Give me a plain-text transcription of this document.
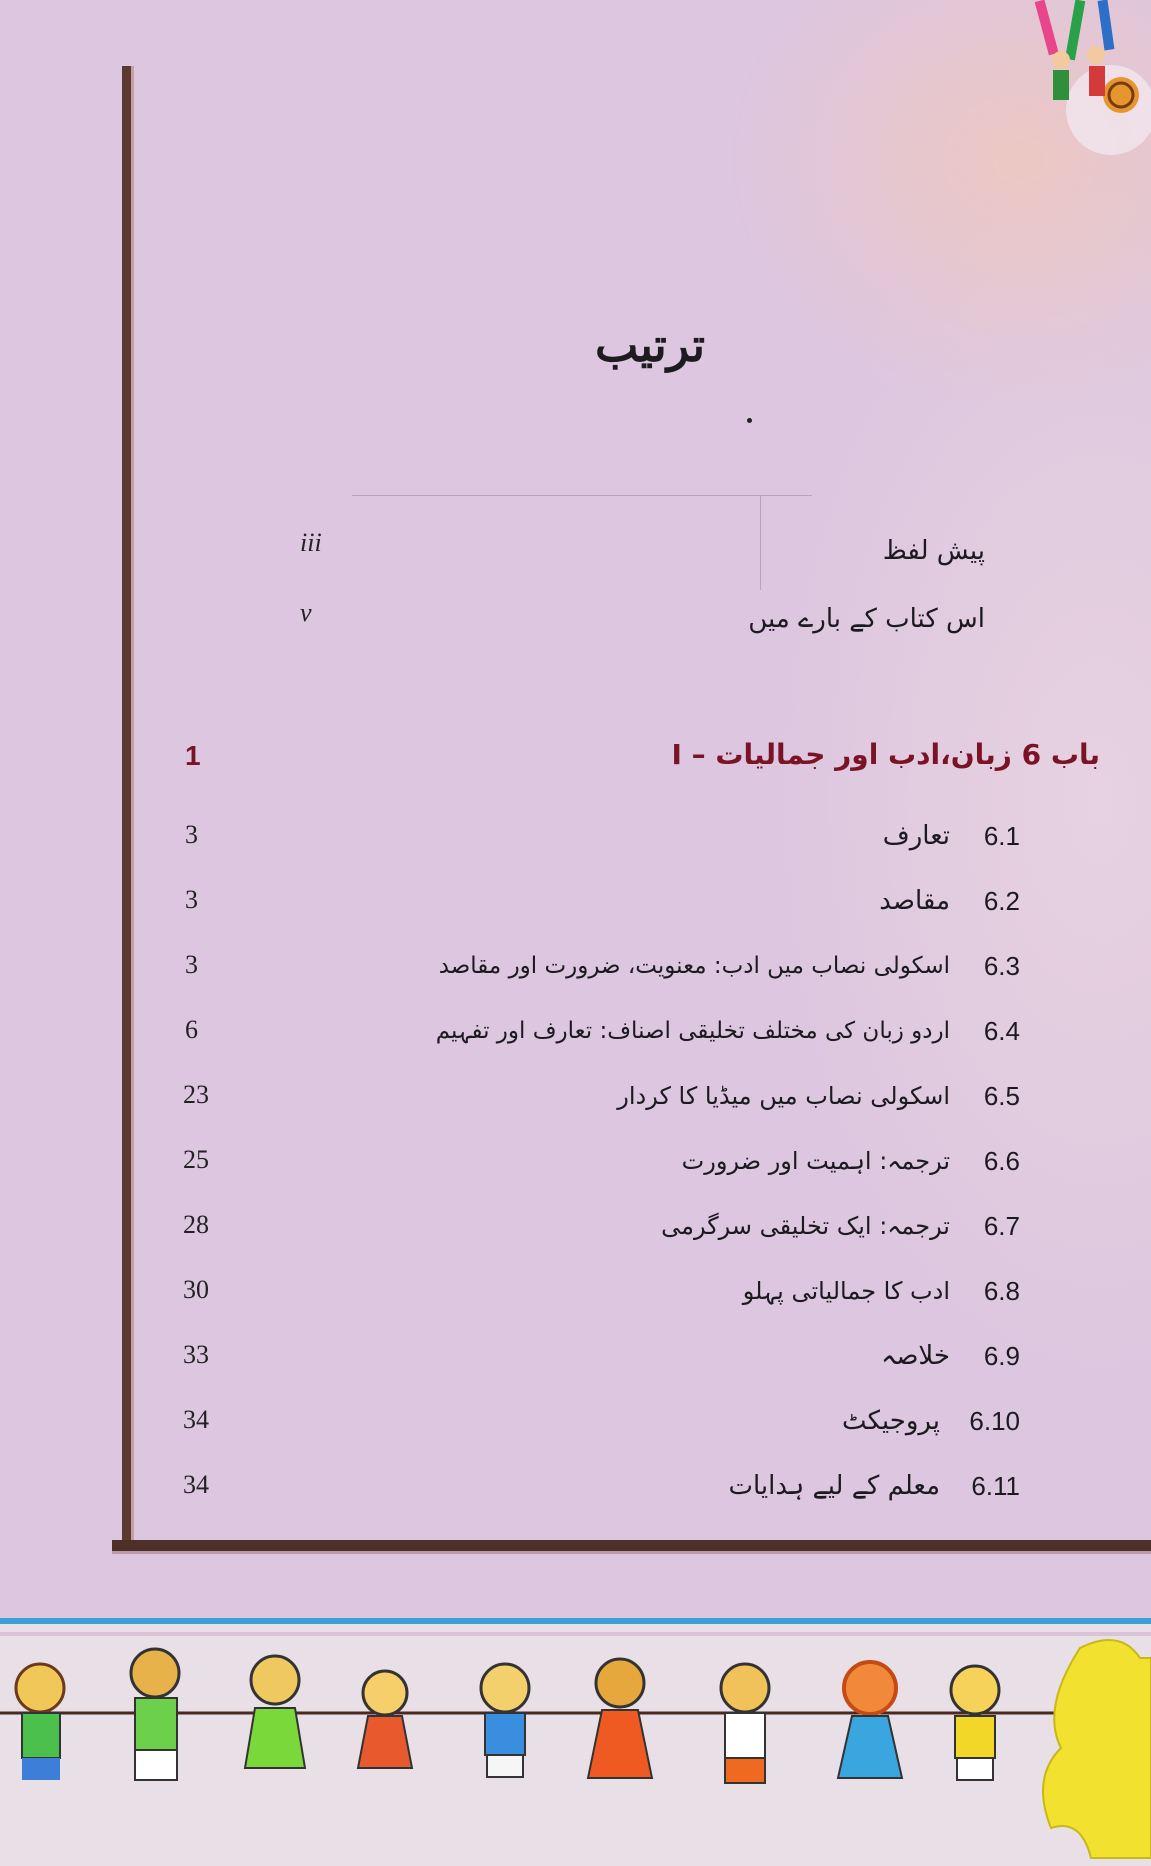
ترتیب
پیش لفظ
iii
اس کتاب کے بارے میں
v
باب 6 زبان،ادب اور جمالیات – I
1
تعارف 6.1
3
مقاصد 6.2
3
اسکولی نصاب میں ادب: معنویت، ضرورت اور مقاصد 6.3
3
اردو زبان کی مختلف تخلیقی اصناف: تعارف اور تفہیم 6.4
6
اسکولی نصاب میں میڈیا کا کردار 6.5
23
ترجمہ: اہمیت اور ضرورت 6.6
25
ترجمہ: ایک تخلیقی سرگرمی 6.7
28
ادب کا جمالیاتی پہلو 6.8
30
خلاصہ 6.9
33
پروجیکٹ 6.10
34
معلم کے لیے ہدایات 6.11
34
